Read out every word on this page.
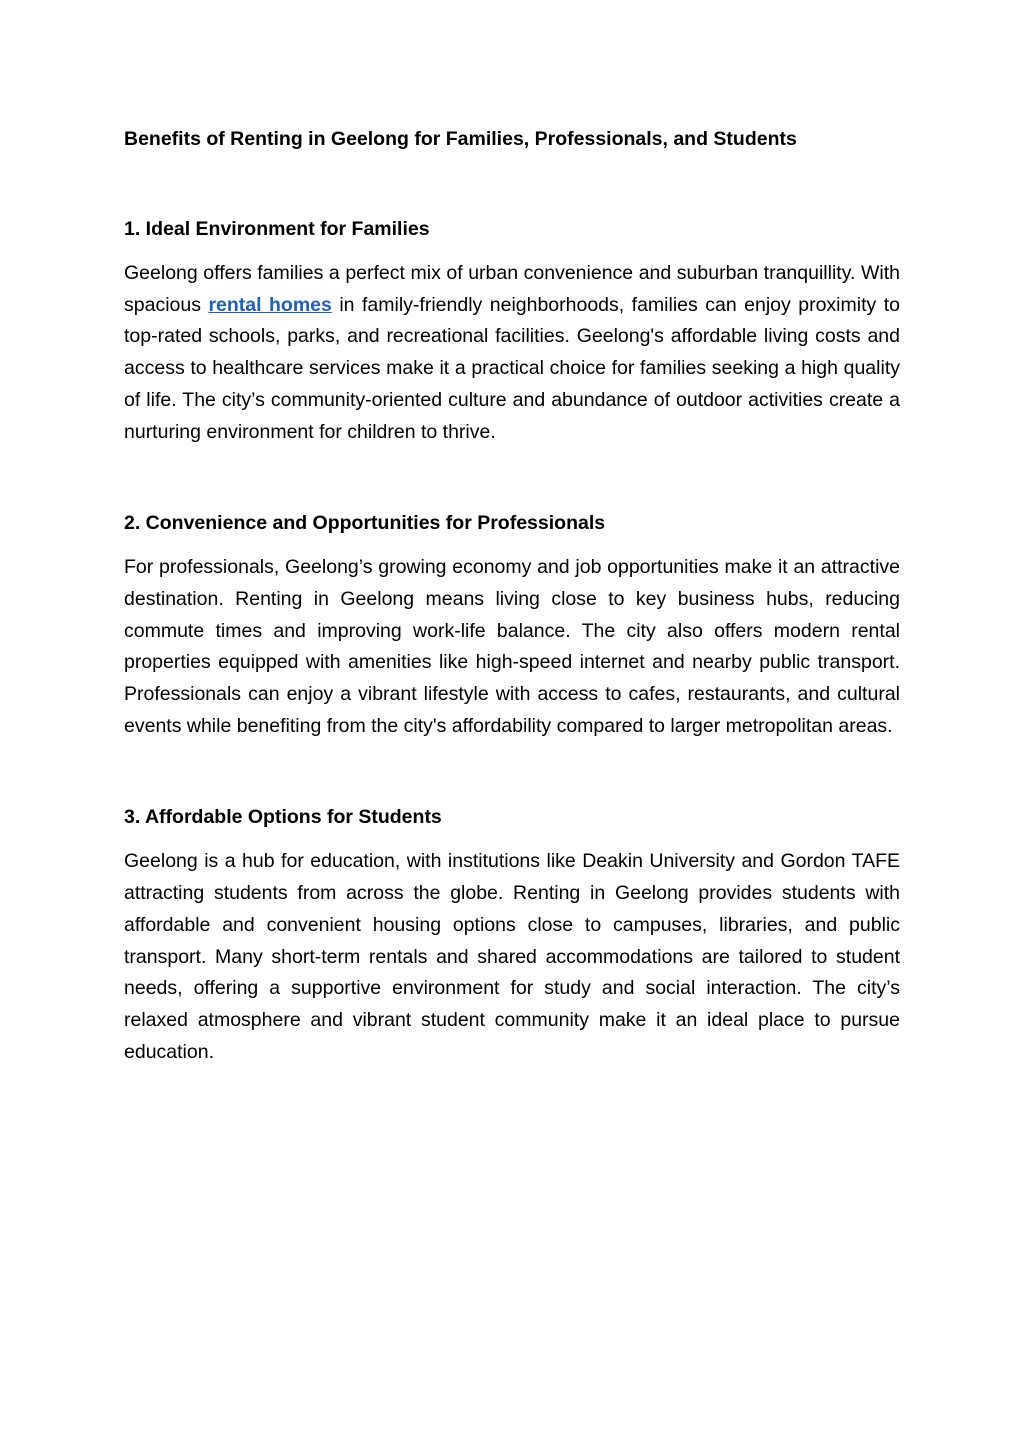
Benefits of Renting in Geelong for Families, Professionals, and Students
1. Ideal Environment for Families

Geelong offers families a perfect mix of urban convenience and suburban tranquillity. With spacious rental homes in family-friendly neighborhoods, families can enjoy proximity to top-rated schools, parks, and recreational facilities. Geelong's affordable living costs and access to healthcare services make it a practical choice for families seeking a high quality of life. The city’s community-oriented culture and abundance of outdoor activities create a nurturing environment for children to thrive.

2. Convenience and Opportunities for Professionals

For professionals, Geelong’s growing economy and job opportunities make it an attractive destination. Renting in Geelong means living close to key business hubs, reducing commute times and improving work-life balance. The city also offers modern rental properties equipped with amenities like high-speed internet and nearby public transport. Professionals can enjoy a vibrant lifestyle with access to cafes, restaurants, and cultural events while benefiting from the city's affordability compared to larger metropolitan areas.

3. Affordable Options for Students

Geelong is a hub for education, with institutions like Deakin University and Gordon TAFE attracting students from across the globe. Renting in Geelong provides students with affordable and convenient housing options close to campuses, libraries, and public transport. Many short-term rentals and shared accommodations are tailored to student needs, offering a supportive environment for study and social interaction. The city’s relaxed atmosphere and vibrant student community make it an ideal place to pursue education.
